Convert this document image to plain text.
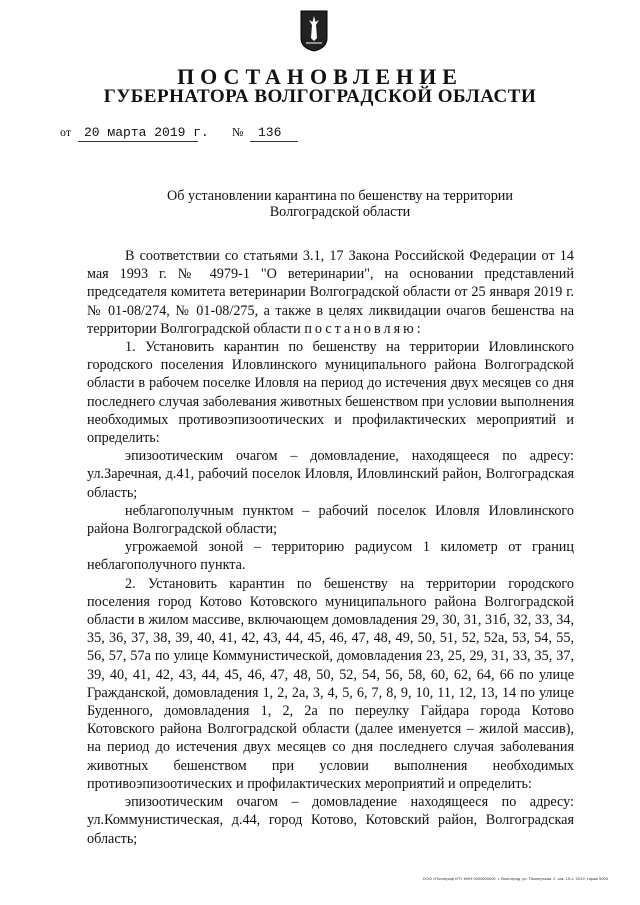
ПОСТАНОВЛЕНИЕ
ГУБЕРНАТОРА ВОЛГОГРАДСКОЙ ОБЛАСТИ
от 20 марта 2019 г. № 136
Об установлении карантина по бешенству на территории
Волгоградской области

В соответствии со статьями 3.1, 17 Закона Российской Федерации от 14 мая 1993 г. № 4979-1 "О ветеринарии", на основании представлений председателя комитета ветеринарии Волгоградской области от 25 января 2019 г. № 01-08/274, № 01-08/275, а также в целях ликвидации очагов бешенства на территории Волгоградской области постановляю:

1. Установить карантин по бешенству на территории Иловлинского городского поселения Иловлинского муниципального района Волгоградской области в рабочем поселке Иловля на период до истечения двух месяцев со дня последнего случая заболевания животных бешенством при условии выполнения необходимых противоэпизоотических и профилактических мероприятий и определить:

эпизоотическим очагом – домовладение, находящееся по адресу: ул.Заречная, д.41, рабочий поселок Иловля, Иловлинский район, Волгоградская область;

неблагополучным пунктом – рабочий поселок Иловля Иловлинского района Волгоградской области;

угрожаемой зоной – территорию радиусом 1 километр от границ неблагополучного пункта.

2. Установить карантин по бешенству на территории городского поселения город Котово Котовского муниципального района Волгоградской области в жилом массиве, включающем домовладения 29, 30, 31, 31б, 32, 33, 34, 35, 36, 37, 38, 39, 40, 41, 42, 43, 44, 45, 46, 47, 48, 49, 50, 51, 52, 52а, 53, 54, 55, 56, 57, 57а по улице Коммунистической, домовладения 23, 25, 29, 31, 33, 35, 37, 39, 40, 41, 42, 43, 44, 45, 46, 47, 48, 50, 52, 54, 56, 58, 60, 62, 64, 66 по улице Гражданской, домовладения 1, 2, 2а, 3, 4, 5, 6, 7, 8, 9, 10, 11, 12, 13, 14 по улице Буденного, домовладения 1, 2, 2а по переулку Гайдара города Котово Котовского района Волгоградской области (далее именуется – жилой массив), на период до истечения двух месяцев со дня последнего случая заболевания животных бешенством при условии выполнения необходимых противоэпизоотических и профилактических мероприятий и определить:

эпизоотическим очагом – домовладение находящееся по адресу: ул.Коммунистическая, д.44, город Котово, Котовский район, Волгоградская область;

ООО «Полиграф ИТ» ИНН 0000000000, г. Волгоград, ул. Пионерская, 2, зак. 19-с, 2019, тираж 5000
